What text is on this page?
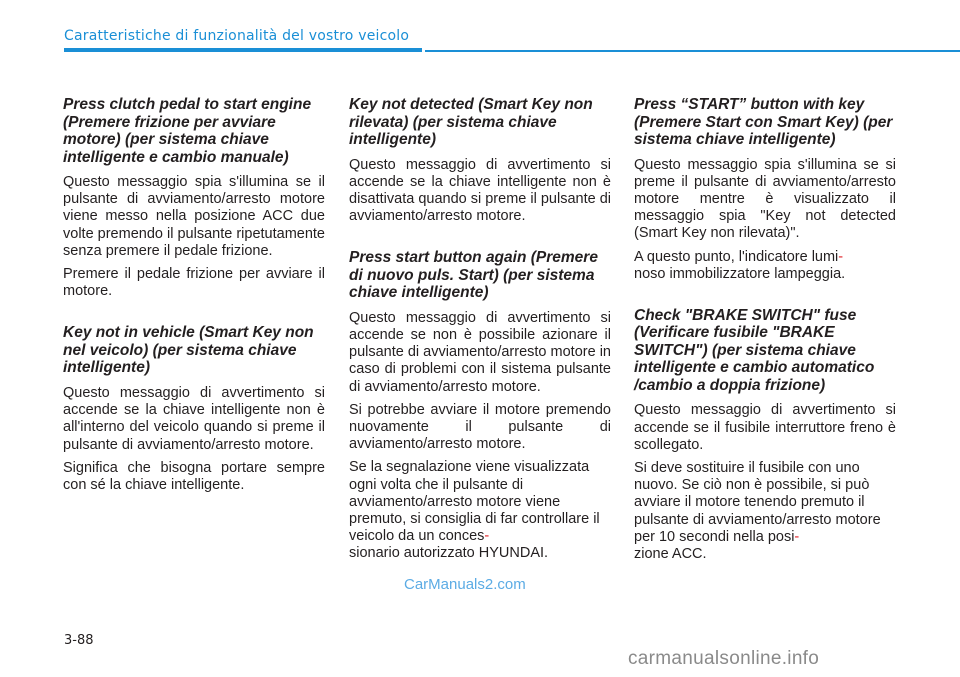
Caratteristiche di funzionalità del vostro veicolo
Press clutch pedal to start engine (Premere frizione per avviare motore) (per sistema chiave intelligente e cambio manuale)
Questo messaggio spia s'illumina se il pulsante di avviamento/arresto motore viene messo nella posizione ACC due volte premendo il pulsante ripetutamente senza premere il pedale frizione.
Premere il pedale frizione per avviare il motore.
Key not in vehicle (Smart Key non nel veicolo) (per sistema chiave intelligente)
Questo messaggio di avvertimento si accende se la chiave intelligente non è all'interno del veicolo quando si preme il pulsante di avviamento/arresto motore.
Significa che bisogna portare sempre con sé la chiave intelligente.
Key not detected (Smart Key non rilevata) (per sistema chiave intelligente)
Questo messaggio di avvertimento si accende se la chiave intelligente non è disattivata quando si preme il pulsante di avviamento/arresto motore.
Press start button again (Premere di nuovo puls. Start) (per sistema chiave intelligente)
Questo messaggio di avvertimento si accende se non è possibile azionare il pulsante di avviamento/arresto motore in caso di problemi con il sistema pulsante di avviamento/arresto motore.
Si potrebbe avviare il motore premendo nuovamente il pulsante di avviamento/arresto motore.
Se la segnalazione viene visualizzata ogni volta che il pulsante di avviamento/arresto motore viene premuto, si consiglia di far controllare il veicolo da un conces-
sionario autorizzato HYUNDAI.
Press “START” button with key (Premere Start con Smart Key) (per sistema chiave intelligente)
Questo messaggio spia s'illumina se si preme il pulsante di avviamento/arresto motore mentre è visualizzato il messaggio spia "Key not detected (Smart Key non rilevata)".
A questo punto, l'indicatore lumi-
noso immobilizzatore lampeggia.
Check "BRAKE SWITCH" fuse (Verificare fusibile "BRAKE SWITCH") (per sistema chiave intelligente e cambio automatico /cambio a doppia frizione)
Questo messaggio di avvertimento si accende se il fusibile interruttore freno è scollegato.
Si deve sostituire il fusibile con uno nuovo. Se ciò non è possibile, si può avviare il motore tenendo premuto il pulsante di avviamento/arresto motore per 10 secondi nella posi-
zione ACC.
3-88
CarManuals2.com
carmanualsonline.info
